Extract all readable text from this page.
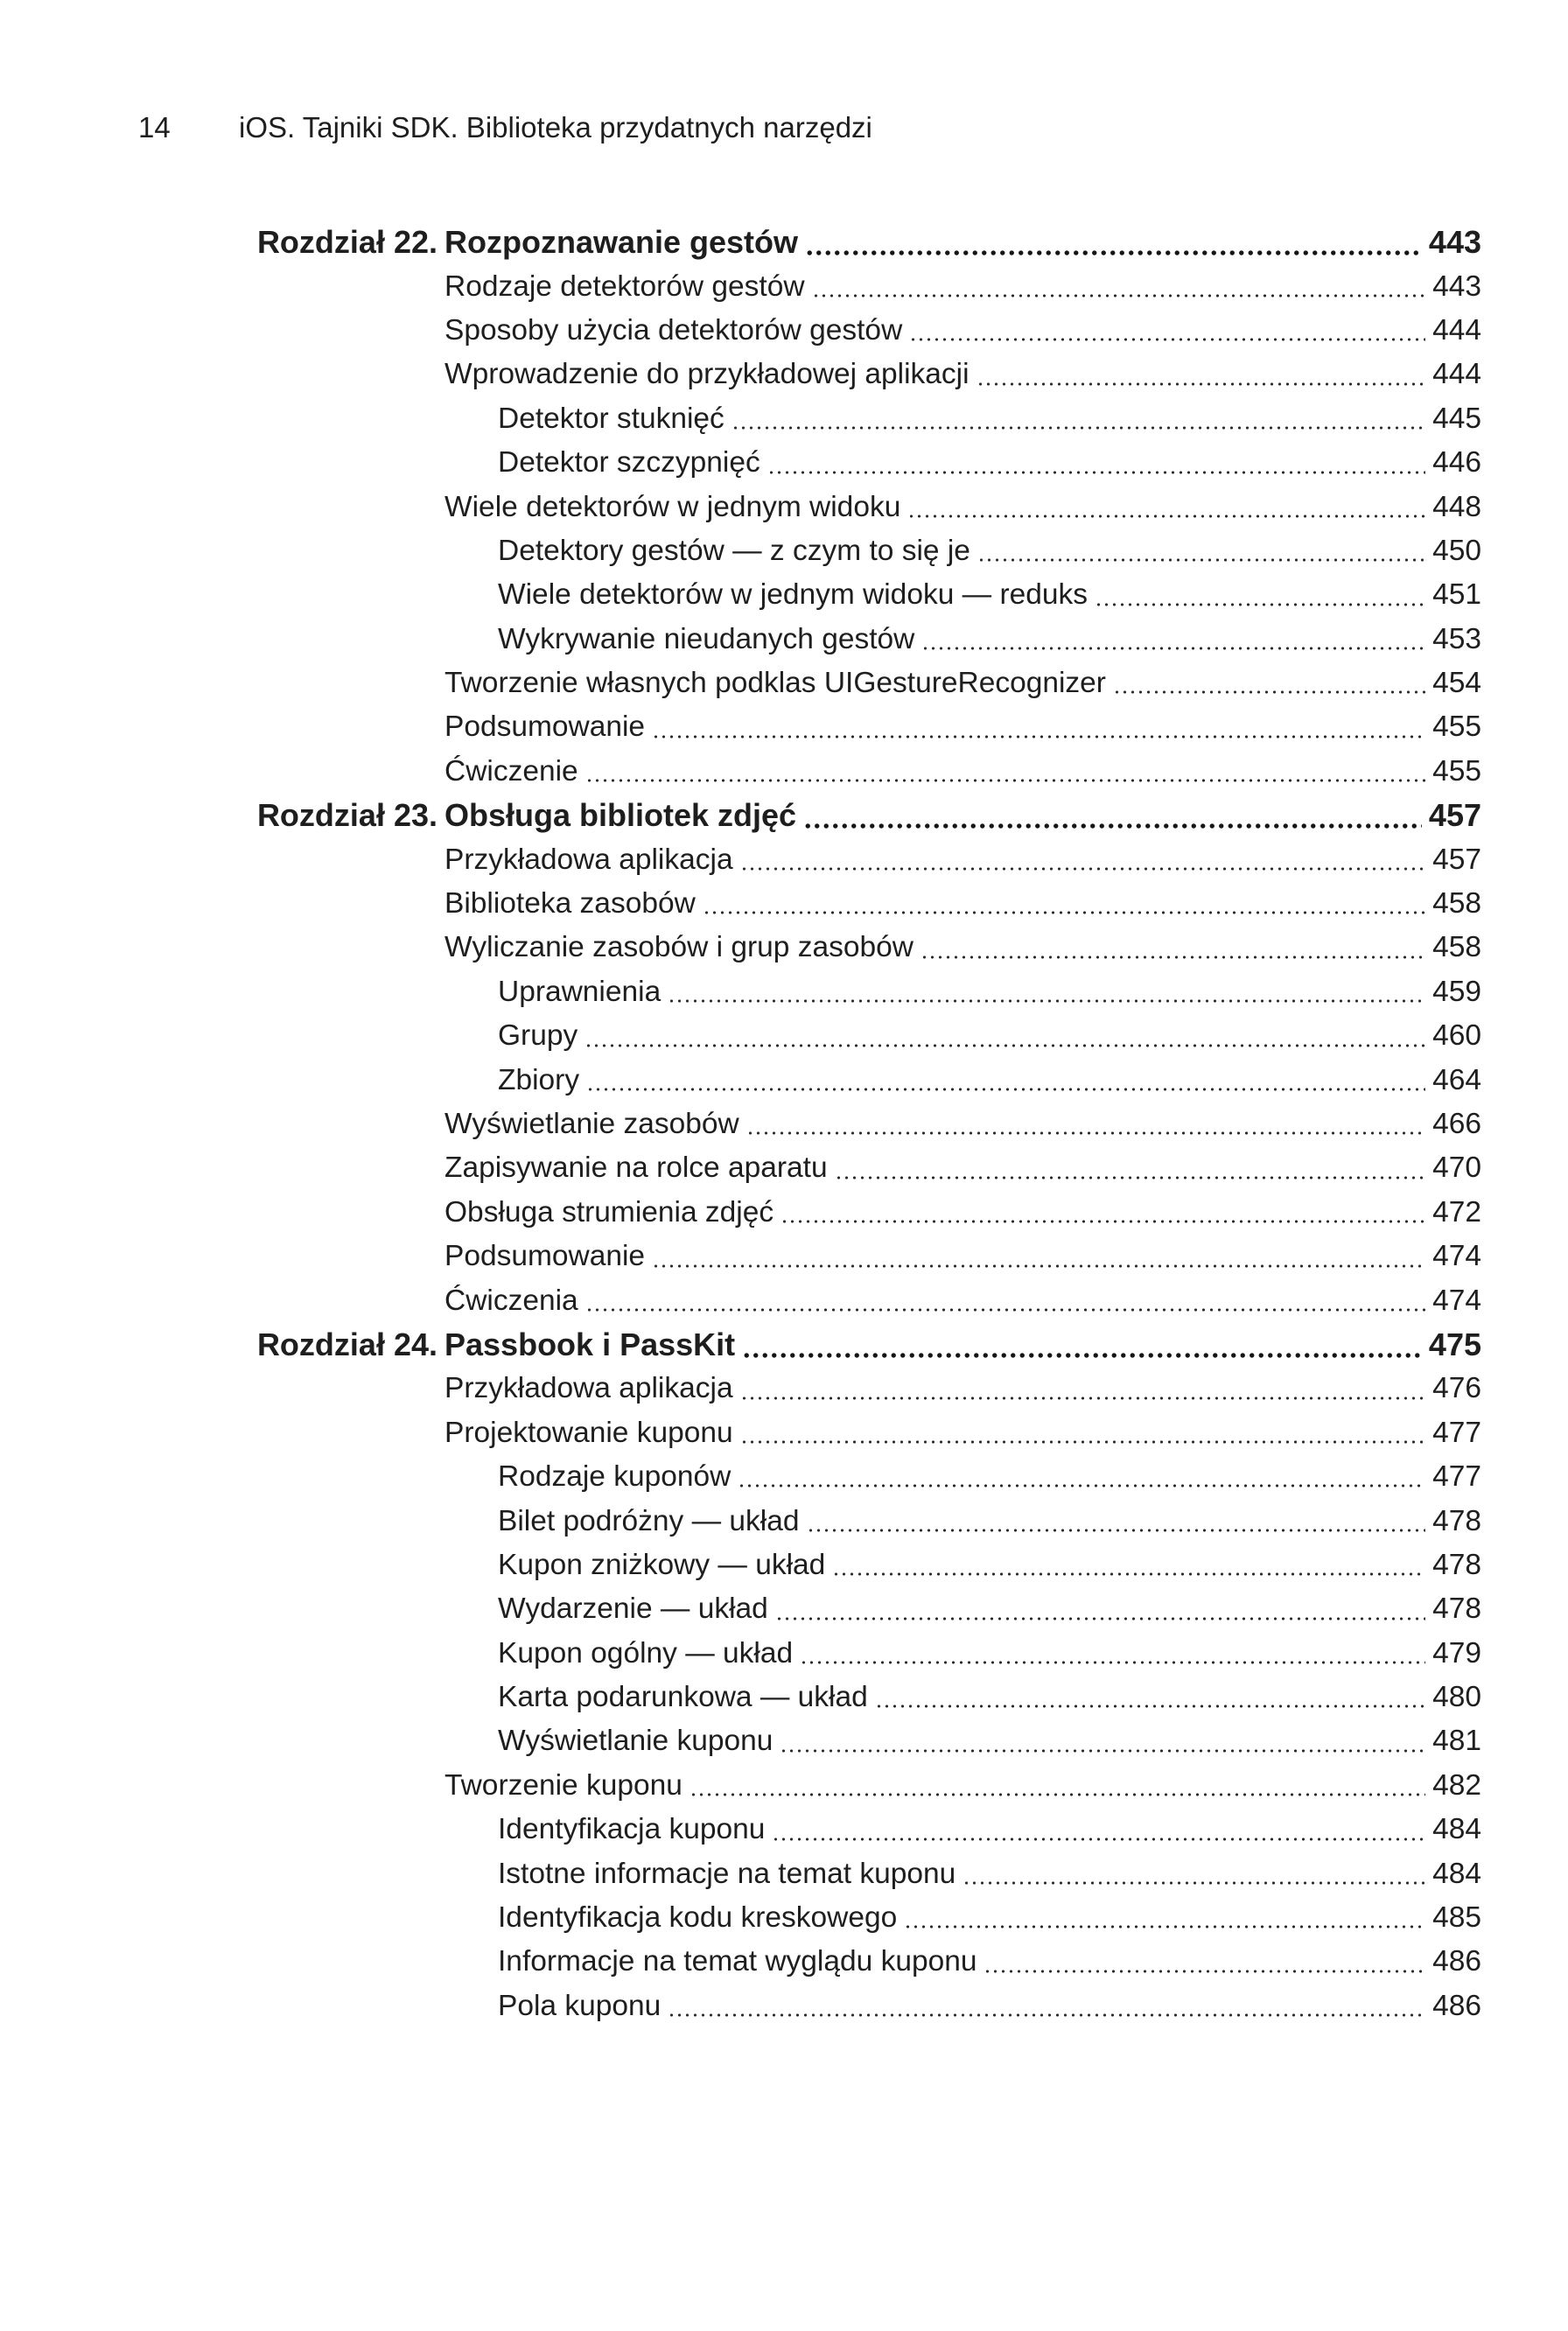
14 iOS. Tajniki SDK. Biblioteka przydatnych narzędzi
Rozdział 22. Rozpoznawanie gestów	443
Rodzaje detektorów gestów	443
Sposoby użycia detektorów gestów	444
Wprowadzenie do przykładowej aplikacji	444
Detektor stuknięć	445
Detektor szczypnięć	446
Wiele detektorów w jednym widoku	448
Detektory gestów — z czym to się je	450
Wiele detektorów w jednym widoku — reduks	451
Wykrywanie nieudanych gestów	453
Tworzenie własnych podklas UIGestureRecognizer	454
Podsumowanie	455
Ćwiczenie	455
Rozdział 23. Obsługa bibliotek zdjęć	457
Przykładowa aplikacja	457
Biblioteka zasobów	458
Wyliczanie zasobów i grup zasobów	458
Uprawnienia	459
Grupy	460
Zbiory	464
Wyświetlanie zasobów	466
Zapisywanie na rolce aparatu	470
Obsługa strumienia zdjęć	472
Podsumowanie	474
Ćwiczenia	474
Rozdział 24. Passbook i PassKit	475
Przykładowa aplikacja	476
Projektowanie kuponu	477
Rodzaje kuponów	477
Bilet podróżny — układ	478
Kupon zniżkowy — układ	478
Wydarzenie — układ	478
Kupon ogólny — układ	479
Karta podarunkowa — układ	480
Wyświetlanie kuponu	481
Tworzenie kuponu	482
Identyfikacja kuponu	484
Istotne informacje na temat kuponu	484
Identyfikacja kodu kreskowego	485
Informacje na temat wyglądu kuponu	486
Pola kuponu	486
